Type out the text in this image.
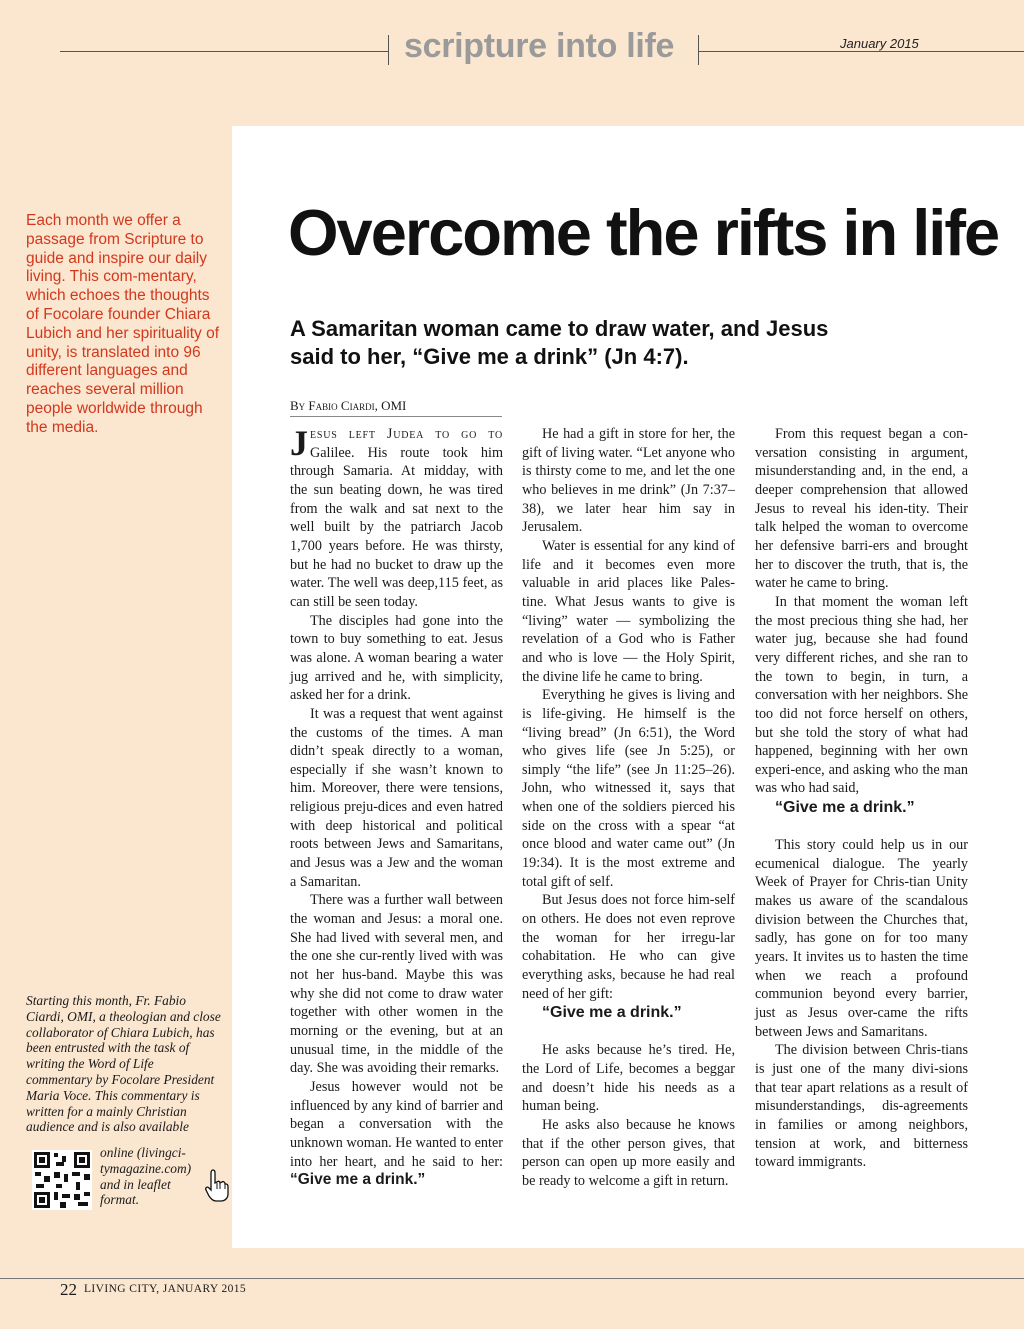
scripture into life	January 2015
Each month we offer a passage from Scripture to guide and inspire our daily living. This com-mentary, which echoes the thoughts of Focolare founder Chiara Lubich and her spirituality of unity, is translated into 96 different languages and reaches several million people worldwide through the media.
Overcome the rifts in life
A Samaritan woman came to draw water, and Jesus said to her, “Give me a drink” (Jn 4:7).
By Fabio Ciardi, OMI

Jesus left Judea to go to Galilee. His route took him through Samaria. At midday, with the sun beating down, he was tired from the walk and sat next to the well built by the patriarch Jacob 1,700 years before. He was thirsty, but he had no bucket to draw up the water. The well was deep,115 feet, as can still be seen today.

The disciples had gone into the town to buy something to eat. Jesus was alone. A woman bearing a water jug arrived and he, with simplicity, asked her for a drink.

It was a request that went against the customs of the times. A man didn’t speak directly to a woman, especially if she wasn’t known to him. Moreover, there were tensions, religious preju-dices and even hatred with deep historical and political roots between Jews and Samaritans, and Jesus was a Jew and the woman a Samaritan.

There was a further wall between the woman and Jesus: a moral one. She had lived with several men, and the one she cur-rently lived with was not her hus-band. Maybe this was why she did not come to draw water together with other women in the morning or the evening, but at an unusual time, in the middle of the day. She was avoiding their remarks.

Jesus however would not be influenced by any kind of barrier and began a conversation with the unknown woman. He wanted to enter into her heart, and he said to her: “Give me a drink.”

He had a gift in store for her, the gift of living water. “Let anyone who is thirsty come to me, and let the one who believes in me drink” (Jn 7:37–38), we later hear him say in Jerusalem.

Water is essential for any kind of life and it becomes even more valuable in arid places like Pales-tine. What Jesus wants to give is “living” water — symbolizing the revelation of a God who is Father and who is love — the Holy Spirit, the divine life he came to bring.

Everything he gives is living and is life-giving. He himself is the “living bread” (Jn 6:51), the Word who gives life (see Jn 5:25), or simply “the life” (see Jn 11:25–26). John, who witnessed it, says that when one of the soldiers pierced his side on the cross with a spear “at once blood and water came out” (Jn 19:34). It is the most extreme and total gift of self.

But Jesus does not force him-self on others. He does not even reprove the woman for her irregu-lar cohabitation. He who can give everything asks, because he had real need of her gift:

“Give me a drink.”

He asks because he’s tired. He, the Lord of Life, becomes a beggar and doesn’t hide his needs as a human being.

He asks also because he knows that if the other person gives, that person can open up more easily and be ready to welcome a gift in return.

From this request began a con-versation consisting in argument, misunderstanding and, in the end, a deeper comprehension that allowed Jesus to reveal his iden-tity. Their talk helped the woman to overcome her defensive barri-ers and brought her to discover the truth, that is, the water he came to bring.

In that moment the woman left the most precious thing she had, her water jug, because she had found very different riches, and she ran to the town to begin, in turn, a conversation with her neighbors. She too did not force herself on others, but she told the story of what had happened, beginning with her own experi-ence, and asking who the man was who had said,

“Give me a drink.”

This story could help us in our ecumenical dialogue. The yearly Week of Prayer for Chris-tian Unity makes us aware of the scandalous division between the Churches that, sadly, has gone on for too many years. It invites us to hasten the time when we reach a profound communion beyond every barrier, just as Jesus over-came the rifts between Jews and Samaritans.

The division between Chris-tians is just one of the many divi-sions that tear apart relations as a result of misunderstandings, dis-agreements in families or among neighbors, tension at work, and bitterness toward immigrants.

Starting this month, Fr. Fabio Ciardi, OMI, a theologian and close collaborator of Chiara Lubich, has been entrusted with the task of writing the Word of Life commentary by Focolare President Maria Voce. This commentary is written for a mainly Christian audience and is also available
online (livingci-tymagazine.com) and in leaflet format.
22 LIVING CITY, JANUARY 2015
